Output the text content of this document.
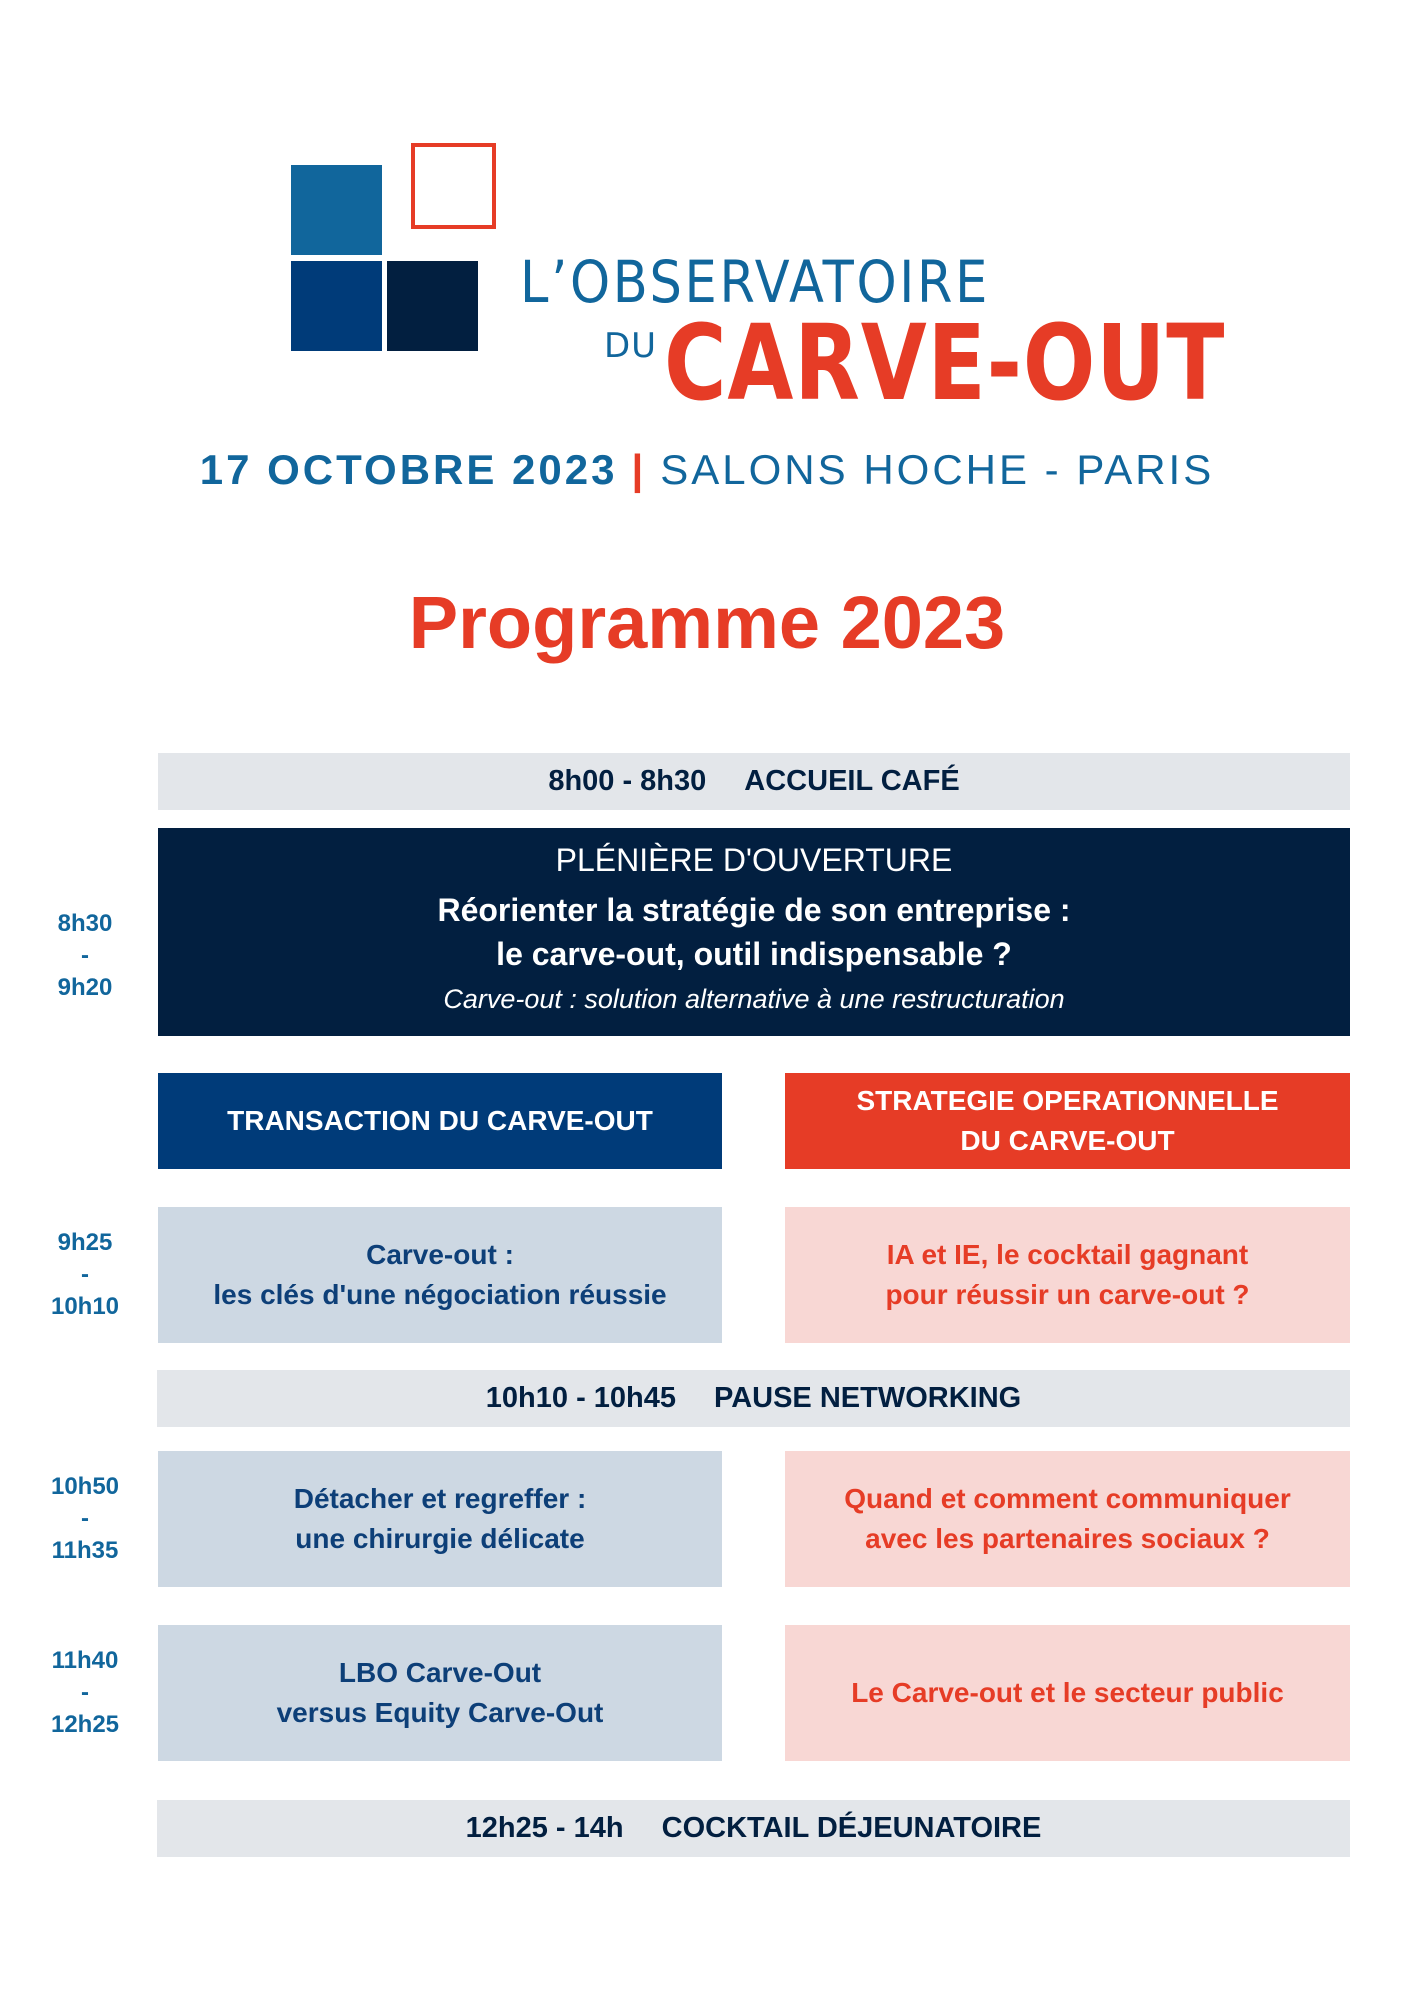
L’OBSERVATOIRE
DU CARVE-OUT
17 OCTOBRE 2023 | SALONS HOCHE - PARIS
Programme 2023
8h00 - 8h30 ACCUEIL CAFÉ
8h30
-
9h20
PLÉNIÈRE D'OUVERTURE
Réorienter la stratégie de son entreprise :
le carve-out, outil indispensable ?
Carve-out : solution alternative à une restructuration
TRANSACTION DU CARVE-OUT
STRATEGIE OPERATIONNELLE
DU CARVE-OUT
9h25
-
10h10
Carve-out :
les clés d'une négociation réussie
IA et IE, le cocktail gagnant
pour réussir un carve-out ?
10h10 - 10h45 PAUSE NETWORKING
10h50
-
11h35
Détacher et regreffer :
une chirurgie délicate
Quand et comment communiquer
avec les partenaires sociaux ?
11h40
-
12h25
LBO Carve-Out
versus Equity Carve-Out
Le Carve-out et le secteur public
12h25 - 14h COCKTAIL DÉJEUNATOIRE
